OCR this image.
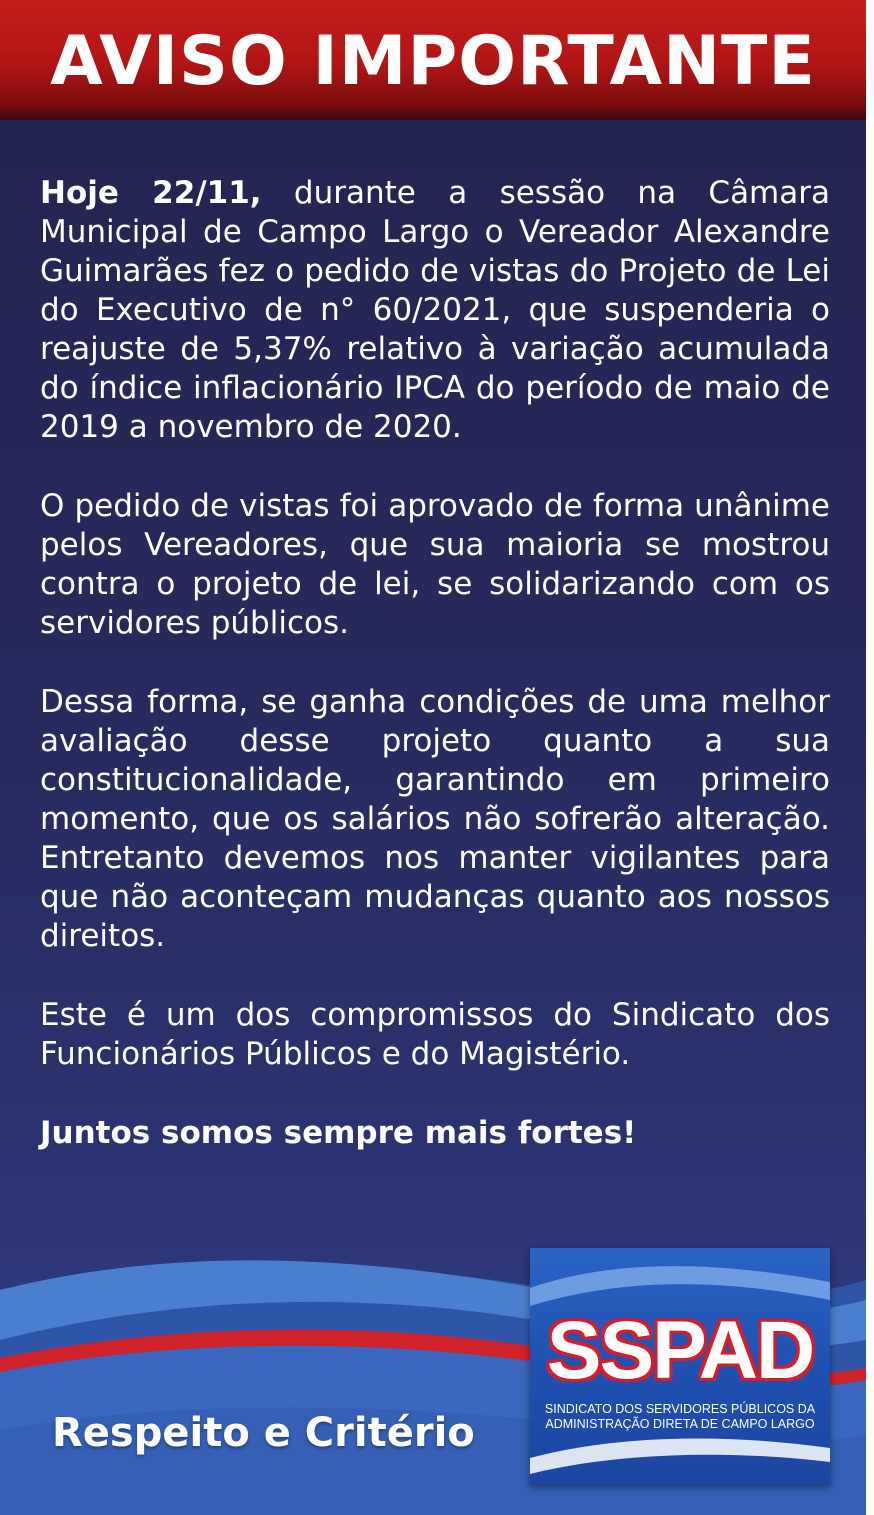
AVISO IMPORTANTE

Hoje 22/11, durante a sessão na Câmara Municipal de Campo Largo o Vereador Alexandre Guimarães fez o pedido de vistas do Projeto de Lei do Executivo de n° 60/2021, que suspenderia o reajuste de 5,37% relativo à variação acumulada do índice inflacionário IPCA do período de maio de 2019 a novembro de 2020.

O pedido de vistas foi aprovado de forma unânime pelos Vereadores, que sua maioria se mostrou contra o projeto de lei, se solidarizando com os servidores públicos.

Dessa forma, se ganha condições de uma melhor avaliação desse projeto quanto a sua constitucionalidade, garantindo em primeiro momento, que os salários não sofrerão alteração. Entretanto devemos nos manter vigilantes para que não aconteçam mudanças quanto aos nossos direitos.

Este é um dos compromissos do Sindicato dos Funcionários Públicos e do Magistério.

Juntos somos sempre mais fortes!

Respeito e Critério
SSPAD
SINDICATO DOS SERVIDORES PÚBLICOS DA
ADMINISTRAÇÃO DIRETA DE CAMPO LARGO
